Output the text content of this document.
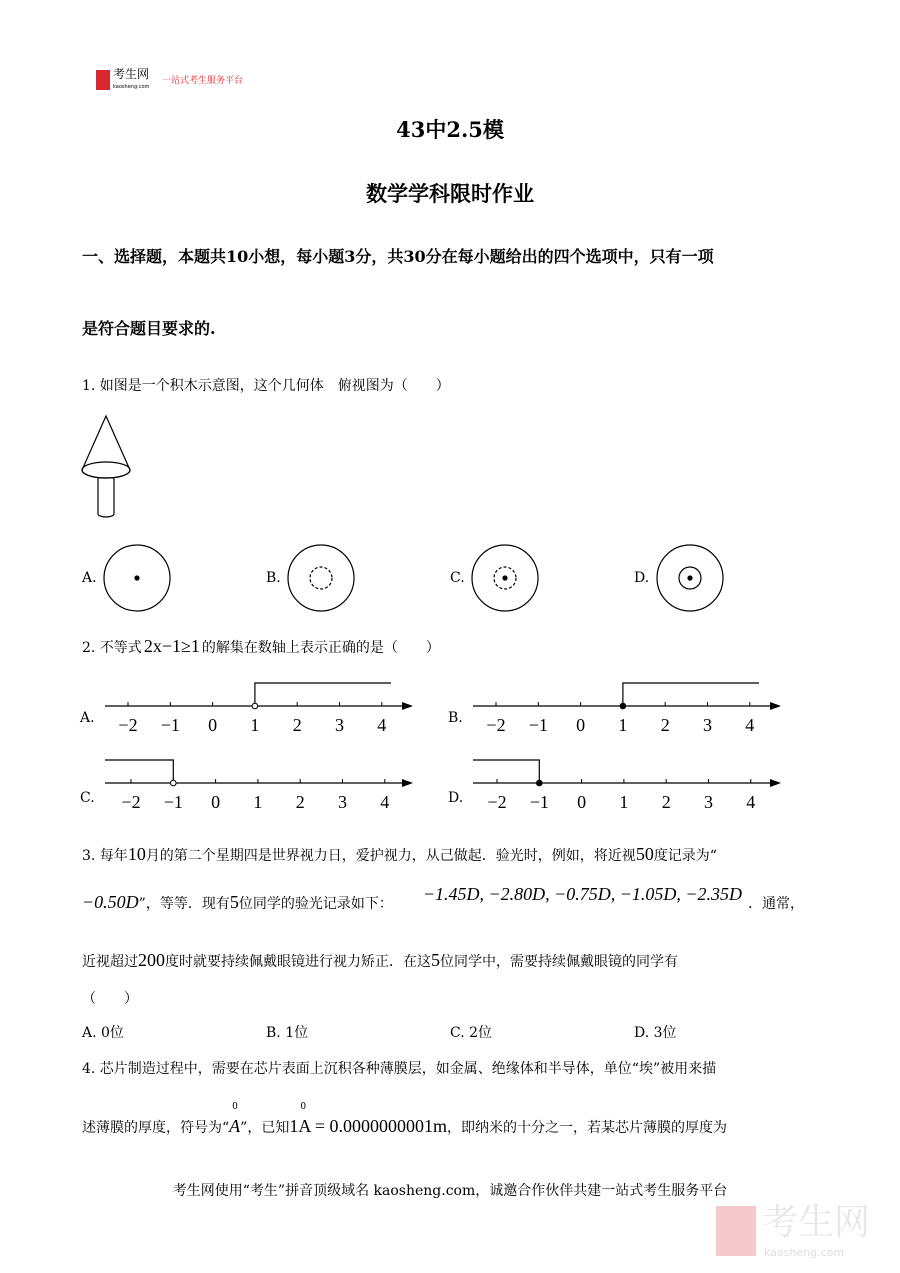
考生网
kaosheng.com
一站式考生服务平台
43中2.5模
数学学科限时作业
一、选择题，本题共10小想，每小题3分，共30分在每小题给出的四个选项中，只有一项
是符合题目要求的.
1. 如图是一个积木示意图，这个几何体　俯视图为（　　）
−2 −1 0 1 2 3 4	−2 −1 0 1 2 3 4
−2 −1 0 1 2 3 4	−2 −1 0 1 2 3 4
A.	B.	C.	D.
2. 不等式 2x−1≥1 的解集在数轴上表示正确的是（　　）
A.	B.
C.	D.
3. 每年 10 月的第二个星期四是世界视力日，爱护视力，从己做起．验光时，例如，将近视 50 度记录为“
−0.50D ”，等等．现有 5 位同学的验光记录如下： −1.45D, −2.80D, −0.75D, −1.05D, −2.35D ．通常，
近视超过 200 度时就要持续佩戴眼镜进行视力矫正．在这 5 位同学中，需要持续佩戴眼镜的同学有
（　　）
A. 0位	B. 1位	C. 2位	D. 3位
4. 芯片制造过程中，需要在芯片表面上沉积各种薄膜层，如金属、绝缘体和半导体，单位“埃”被用来描
0	0
述薄膜的厚度，符号为“ A ”，已知 1A = 0.0000000001m ，即纳米的十分之一，若某芯片薄膜的厚度为
考生网使用“考生”拼音顶级域名 kaosheng.com，诚邀合作伙伴共建一站式考生服务平台
考生网
kaosheng.com
